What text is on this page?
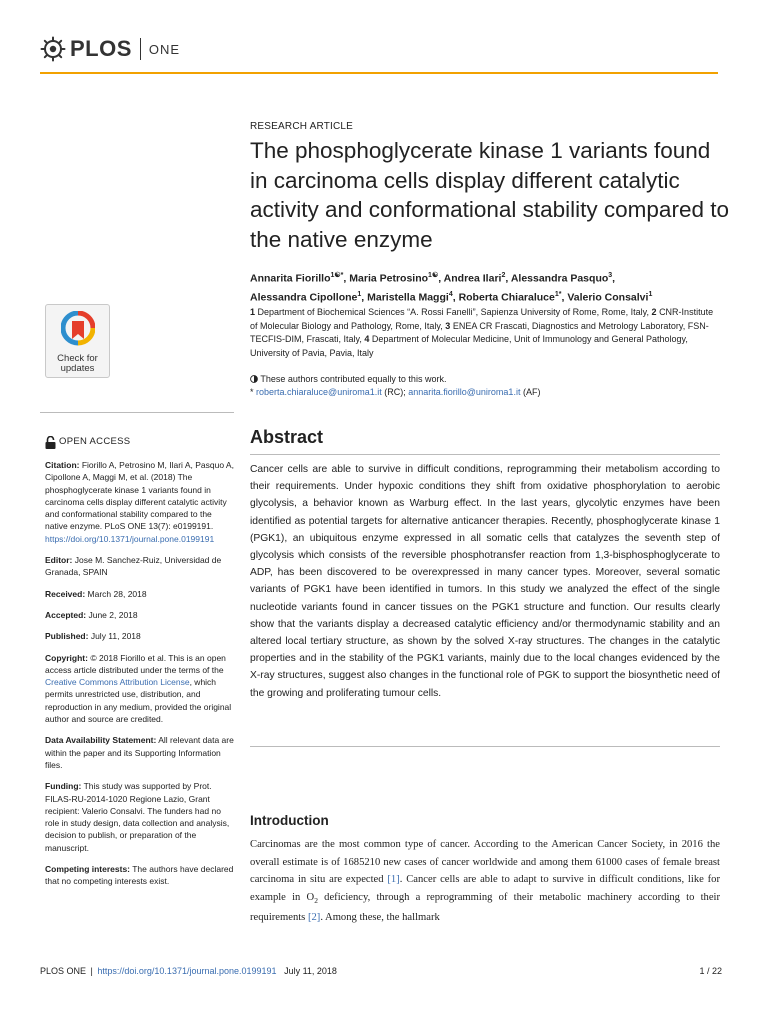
PLOS ONE
RESEARCH ARTICLE
The phosphoglycerate kinase 1 variants found in carcinoma cells display different catalytic activity and conformational stability compared to the native enzyme
Annarita Fiorillo$^{1☯*}$, Maria Petrosino$^{1☯}$, Andrea Ilari$^2$, Alessandra Pasquo$^3$,
Alessandra Cipollone$^1$, Maristella Maggi$^4$, Roberta Chiaraluce$^{1*}$, Valerio Consalvi$^1$
1 Department of Biochemical Sciences “A. Rossi Fanelli”, Sapienza University of Rome, Rome, Italy, 2 CNR-Institute of Molecular Biology and Pathology, Rome, Italy, 3 ENEA CR Frascati, Diagnostics and Metrology Laboratory, FSN-TECFIS-DIM, Frascati, Italy, 4 Department of Molecular Medicine, Unit of Immunology and General Pathology, University of Pavia, Pavia, Italy
These authors contributed equally to this work.
* roberta.chiaraluce@uniroma1.it (RC); annarita.fiorillo@uniroma1.it (AF)
Check for
updates
OPEN ACCESS
Citation: Fiorillo A, Petrosino M, Ilari A, Pasquo A, Cipollone A, Maggi M, et al. (2018) The phosphoglycerate kinase 1 variants found in carcinoma cells display different catalytic activity and conformational stability compared to the native enzyme. PLoS ONE 13(7): e0199191. https://doi.org/10.1371/journal.pone.0199191
Editor: Jose M. Sanchez-Ruiz, Universidad de Granada, SPAIN
Received: March 28, 2018
Accepted: June 2, 2018
Published: July 11, 2018
Copyright: © 2018 Fiorillo et al. This is an open access article distributed under the terms of the Creative Commons Attribution License, which permits unrestricted use, distribution, and reproduction in any medium, provided the original author and source are credited.
Data Availability Statement: All relevant data are within the paper and its Supporting Information files.
Funding: This study was supported by Prot. FILAS-RU-2014-1020 Regione Lazio, Grant recipient: Valerio Consalvi. The funders had no role in study design, data collection and analysis, decision to publish, or preparation of the manuscript.
Competing interests: The authors have declared that no competing interests exist.
Abstract

Cancer cells are able to survive in difficult conditions, reprogramming their metabolism according to their requirements. Under hypoxic conditions they shift from oxidative phosphorylation to aerobic glycolysis, a behavior known as Warburg effect. In the last years, glycolytic enzymes have been identified as potential targets for alternative anticancer therapies. Recently, phosphoglycerate kinase 1 (PGK1), an ubiquitous enzyme expressed in all somatic cells that catalyzes the seventh step of glycolysis which consists of the reversible phosphotransfer reaction from 1,3-bisphosphoglycerate to ADP, has been discovered to be overexpressed in many cancer types. Moreover, several somatic variants of PGK1 have been identified in tumors. In this study we analyzed the effect of the single nucleotide variants found in cancer tissues on the PGK1 structure and function. Our results clearly show that the variants display a decreased catalytic efficiency and/or thermodynamic stability and an altered local tertiary structure, as shown by the solved X-ray structures. The changes in the catalytic properties and in the stability of the PGK1 variants, mainly due to the local changes evidenced by the X-ray structures, suggest also changes in the functional role of PGK to support the biosynthetic need of the growing and proliferating tumour cells.

Introduction

Carcinomas are the most common type of cancer. According to the American Cancer Society, in 2016 the overall estimate is of 1685210 new cases of cancer worldwide and among them 61000 cases of female breast carcinoma in situ are expected [1]. Cancer cells are able to adapt to survive in difficult conditions, like for example in $O_2$ deficiency, through a reprogramming of their metabolic machinery according to their requirements [2]. Among these, the hallmark

PLOS ONE | https://doi.org/10.1371/journal.pone.0199191 July 11, 2018	1 / 22
